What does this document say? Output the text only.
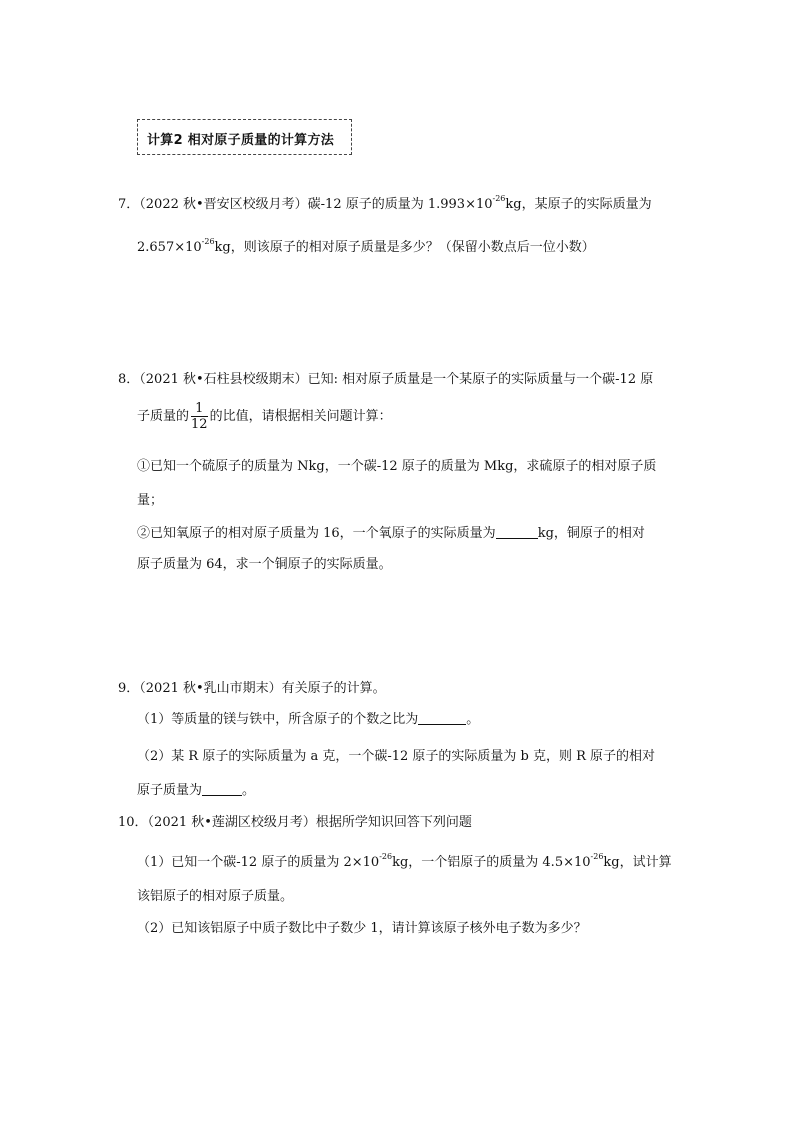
计算2 相对原子质量的计算方法
7．（2022 秋•晋安区校级月考）碳-12 原子的质量为 $1.993\times 10^{-26}kg$，某原子的实际质量为
$2.657\times 10^{-26}kg$，则该原子的相对原子质量是多少？（保留小数点后一位小数）
8．（2021 秋•石柱县校级期末）已知: 相对原子质量是一个某原子的实际质量与一个碳-12 原
子质量的 $\frac{1}{12}$ 的比值，请根据相关问题计算：
①已知一个硫原子的质量为 Nkg，一个碳-12 原子的质量为 Mkg，求硫原子的相对原子质
量；
②已知氧原子的相对原子质量为 16，一个氧原子的实际质量为	kg，铜原子的相对
原子质量为 64，求一个铜原子的实际质量。
9．（2021 秋•乳山市期末）有关原子的计算。
（1）等质量的镁与铁中，所含原子的个数之比为	。
（2）某 R 原子的实际质量为 a 克，一个碳-12 原子的实际质量为 b 克，则 R 原子的相对
原子质量为	。
10．（2021 秋•莲湖区校级月考）根据所学知识回答下列问题
（1）已知一个碳-12 原子的质量为 $2\times 10^{-26}kg$，一个铝原子的质量为 $4.5\times 10^{-26}kg$，试计算
该铝原子的相对原子质量。
（2）已知该铝原子中质子数比中子数少 1，请计算该原子核外电子数为多少？
